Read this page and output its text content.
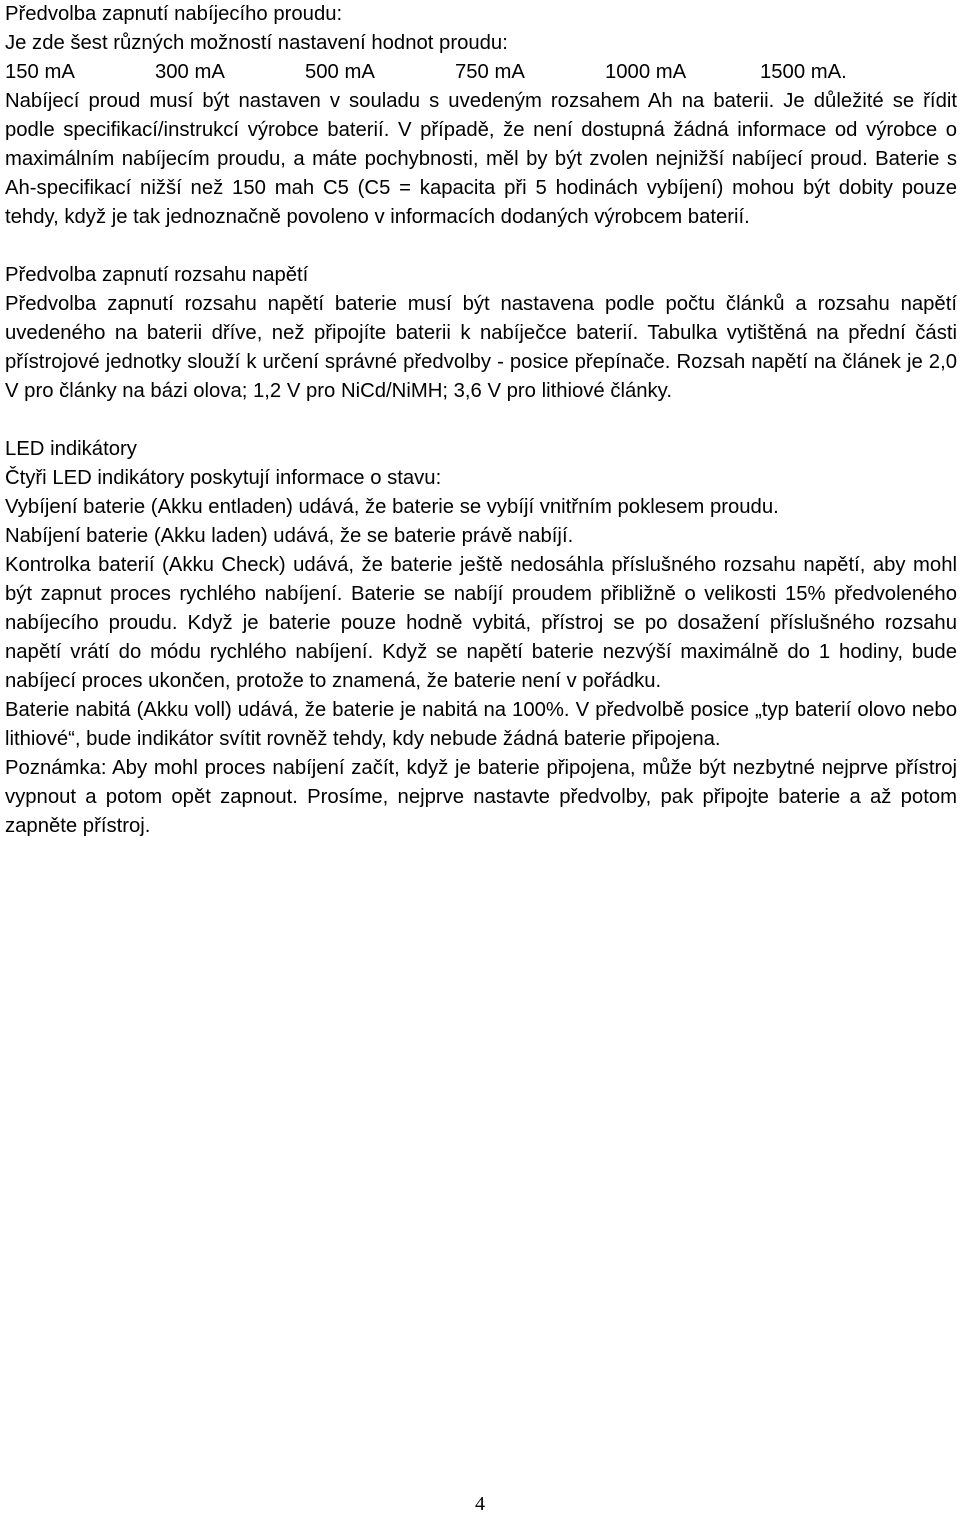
Předvolba zapnutí nabíjecího proudu:

Je zde šest různých možností nastavení hodnot proudu:

150 mA	300 mA	500 mA	750 mA	1000 mA	1500 mA.

Nabíjecí proud musí být nastaven v souladu s uvedeným rozsahem Ah na baterii. Je důležité se řídit podle specifikací/instrukcí výrobce baterií. V případě, že není dostupná žádná informace od výrobce o maximálním nabíjecím proudu, a máte pochybnosti, měl by být zvolen nejnižší nabíjecí proud. Baterie s Ah-specifikací nižší než 150 mah C5 (C5 = kapacita při 5 hodinách vybíjení) mohou být dobity pouze tehdy, když je tak jednoznačně povoleno v informacích dodaných výrobcem baterií.

Předvolba zapnutí rozsahu napětí

Předvolba zapnutí rozsahu napětí baterie musí být nastavena podle počtu článků a rozsahu napětí uvedeného na baterii dříve, než připojíte baterii k nabíječce baterií. Tabulka vytištěná na přední části přístrojové jednotky slouží k určení správné předvolby - posice přepínače. Rozsah napětí na článek je 2,0 V pro články na bázi olova; 1,2 V pro NiCd/NiMH; 3,6 V pro lithiové články.

LED indikátory

Čtyři LED indikátory poskytují informace o stavu:

Vybíjení baterie (Akku entladen) udává, že baterie se vybíjí vnitřním poklesem proudu.

Nabíjení baterie (Akku laden) udává, že se baterie právě nabíjí.

Kontrolka baterií (Akku Check) udává, že baterie ještě nedosáhla příslušného rozsahu napětí, aby mohl být zapnut proces rychlého nabíjení. Baterie se nabíjí proudem přibližně o velikosti 15% předvoleného nabíjecího proudu. Když je baterie pouze hodně vybitá, přístroj se po dosažení příslušného rozsahu napětí vrátí do módu rychlého nabíjení. Když se napětí baterie nezvýší maximálně do 1 hodiny, bude nabíjecí proces ukončen, protože to znamená, že baterie není v pořádku.

Baterie nabitá (Akku voll) udává, že baterie je nabitá na 100%. V předvolbě posice „typ baterií olovo nebo lithiové“, bude indikátor svítit rovněž tehdy, kdy nebude žádná baterie připojena.

Poznámka: Aby mohl proces nabíjení začít, když je baterie připojena, může být nezbytné nejprve přístroj vypnout a potom opět zapnout. Prosíme, nejprve nastavte předvolby, pak připojte baterie a až potom zapněte přístroj.

4
